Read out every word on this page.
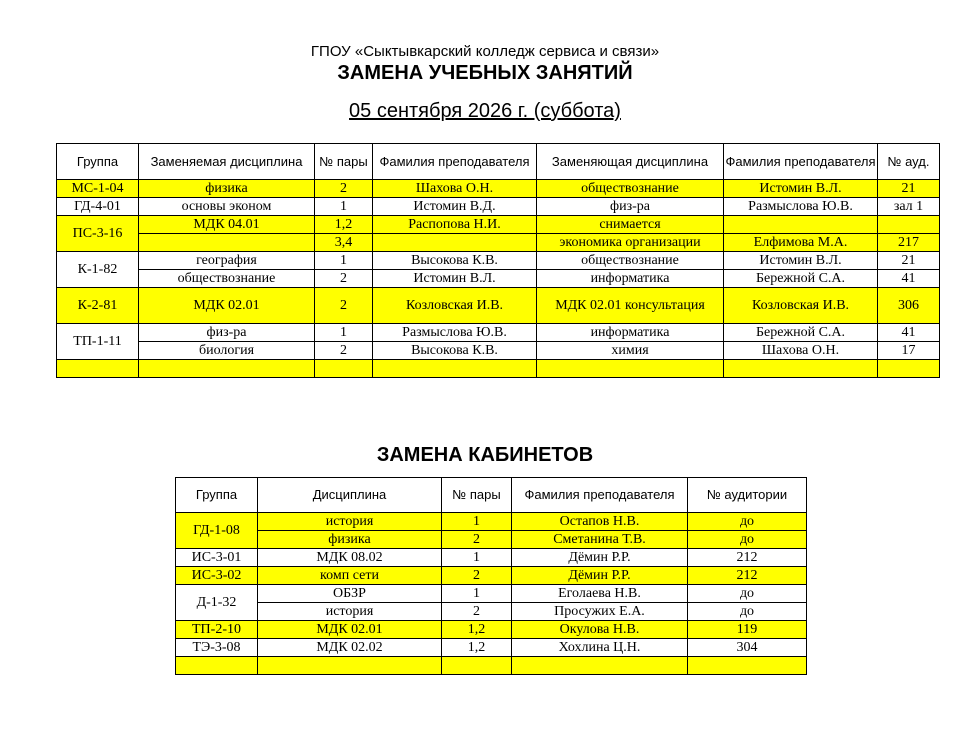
ГПОУ «Сыктывкарский колледж сервиса и связи»
ЗАМЕНА УЧЕБНЫХ ЗАНЯТИЙ
05 сентября 2026 г. (суббота)
Группа	Заменяемая дисциплина	№ пары	Фамилия преподавателя	Заменяющая дисциплина	Фамилия преподавателя	№ ауд.
МС-1-04	физика	2	Шахова О.Н.	обществознание	Истомин В.Л.	21
ГД-4-01	основы эконом	1	Истомин В.Д.	физ-ра	Размыслова Ю.В.	зал 1
ПС-3-16	МДК 04.01	1,2	Распопова Н.И.	снимается		
		3,4		экономика организации	Елфимова М.А.	217
К-1-82	география	1	Высокова К.В.	обществознание	Истомин В.Л.	21
	обществознание	2	Истомин В.Л.	информатика	Бережной С.А.	41
К-2-81	МДК 02.01	2	Козловская И.В.	МДК 02.01 консультация	Козловская И.В.	306
ТП-1-11	физ-ра	1	Размыслова Ю.В.	информатика	Бережной С.А.	41
	биология	2	Высокова К.В.	химия	Шахова О.Н.	17

ЗАМЕНА КАБИНЕТОВ
Группа	Дисциплина	№ пары	Фамилия преподавателя	№ аудитории
ГД-1-08	история	1	Остапов Н.В.	до
	физика	2	Сметанина Т.В.	до
ИС-3-01	МДК 08.02	1	Дёмин Р.Р.	212
ИС-3-02	комп сети	2	Дёмин Р.Р.	212
Д-1-32	ОБЗР	1	Еголаева Н.В.	до
	история	2	Просужих Е.А.	до
ТП-2-10	МДК 02.01	1,2	Окулова Н.В.	119
ТЭ-3-08	МДК 02.02	1,2	Хохлина Ц.Н.	304
